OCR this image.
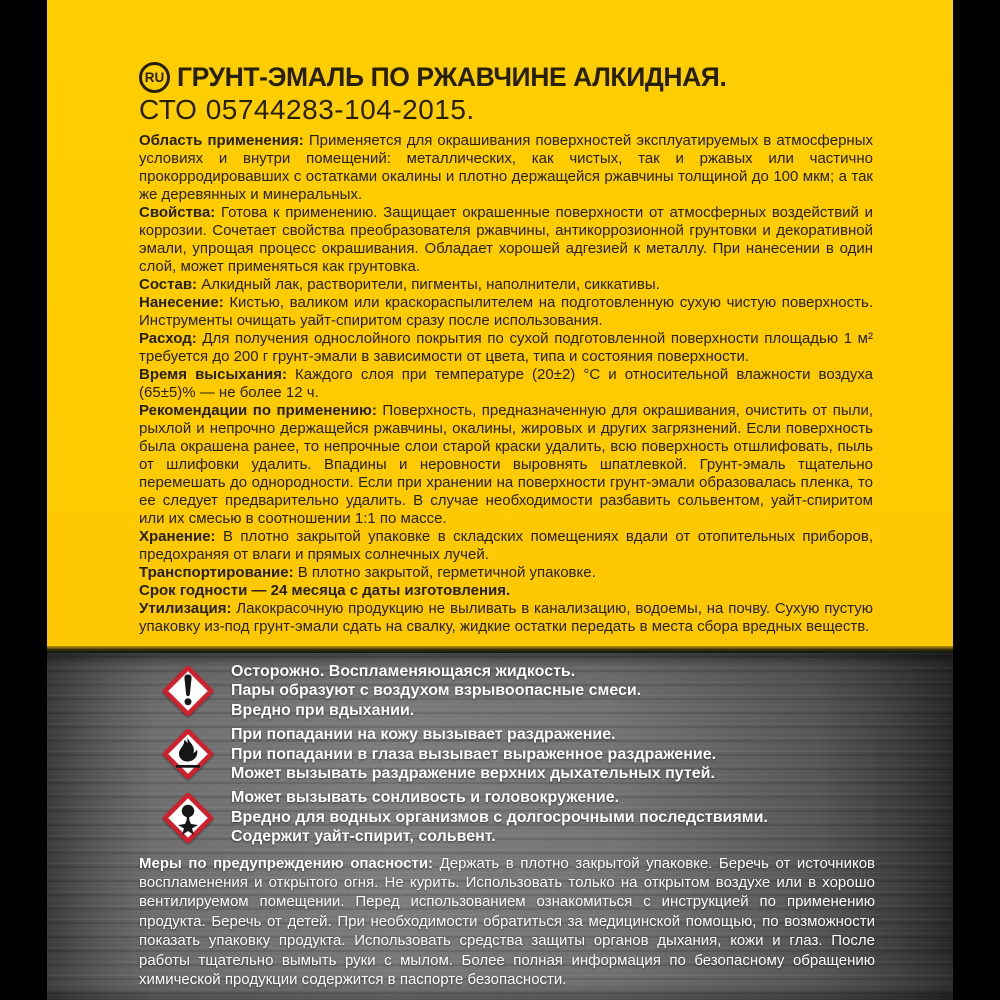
RU ГРУНТ-ЭМАЛЬ ПО РЖАВЧИНЕ АЛКИДНАЯ.
СТО 05744283-104-2015.

Область применения: Применяется для окрашивания поверхностей эксплуатируемых в атмосферных условиях и внутри помещений: металлических, как чистых, так и ржавых или частично прокорродировавших с остатками окалины и плотно держащейся ржавчины толщиной до 100 мкм; а так же деревянных и минеральных.

Свойства: Готова к применению. Защищает окрашенные поверхности от атмосферных воздействий и коррозии. Сочетает свойства преобразователя ржавчины, антикоррозионной грунтовки и декоративной эмали, упрощая процесс окрашивания. Обладает хорошей адгезией к металлу. При нанесении в один слой, может применяться как грунтовка.

Состав: Алкидный лак, растворители, пигменты, наполнители, сиккативы.

Нанесение: Кистью, валиком или краскораспылителем на подготовленную сухую чистую поверхность. Инструменты очищать уайт-спиритом сразу после использования.

Расход: Для получения однослойного покрытия по сухой подготовленной поверхности площадью 1 м² требуется до 200 г грунт-эмали в зависимости от цвета, типа и состояния поверхности.

Время высыхания: Каждого слоя при температуре (20±2) °С и относительной влажности воздуха (65±5)% — не более 12 ч.

Рекомендации по применению: Поверхность, предназначенную для окрашивания, очистить от пыли, рыхлой и непрочно держащейся ржавчины, окалины, жировых и других загрязнений. Если поверхность была окрашена ранее, то непрочные слои старой краски удалить, всю поверхность отшлифовать, пыль от шлифовки удалить. Впадины и неровности выровнять шпатлевкой. Грунт-эмаль тщательно перемешать до однородности. Если при хранении на поверхности грунт-эмали образовалась пленка, то ее следует предварительно удалить. В случае необходимости разбавить сольвентом, уайт-спиритом или их смесью в соотношении 1:1 по массе.

Хранение: В плотно закрытой упаковке в складских помещениях вдали от отопительных приборов, предохраняя от влаги и прямых солнечных лучей.

Транспортирование: В плотно закрытой, герметичной упаковке.

Срок годности — 24 месяца с даты изготовления.

Утилизация: Лакокрасочную продукцию не выливать в канализацию, водоемы, на почву. Сухую пустую упаковку из-под грунт-эмали сдать на свалку, жидкие остатки передать в места сбора вредных веществ.

Осторожно. Воспламеняющаяся жидкость.
Пары образуют с воздухом взрывоопасные смеси.
Вредно при вдыхании.
При попадании на кожу вызывает раздражение.
При попадании в глаза вызывает выраженное раздражение.
Может вызывать раздражение верхних дыхательных путей.
Может вызывать сонливость и головокружение.
Вредно для водных организмов с долгосрочными последствиями.
Содержит уайт-спирит, сольвент.

Меры по предупреждению опасности: Держать в плотно закрытой упаковке. Беречь от источников воспламенения и открытого огня. Не курить. Использовать только на открытом воздухе или в хорошо вентилируемом помещении. Перед использованием ознакомиться с инструкцией по применению продукта. Беречь от детей. При необходимости обратиться за медицинской помощью, по возможности показать упаковку продукта. Использовать средства защиты органов дыхания, кожи и глаз. После работы тщательно вымыть руки с мылом. Более полная информация по безопасному обращению химической продукции содержится в паспорте безопасности.
